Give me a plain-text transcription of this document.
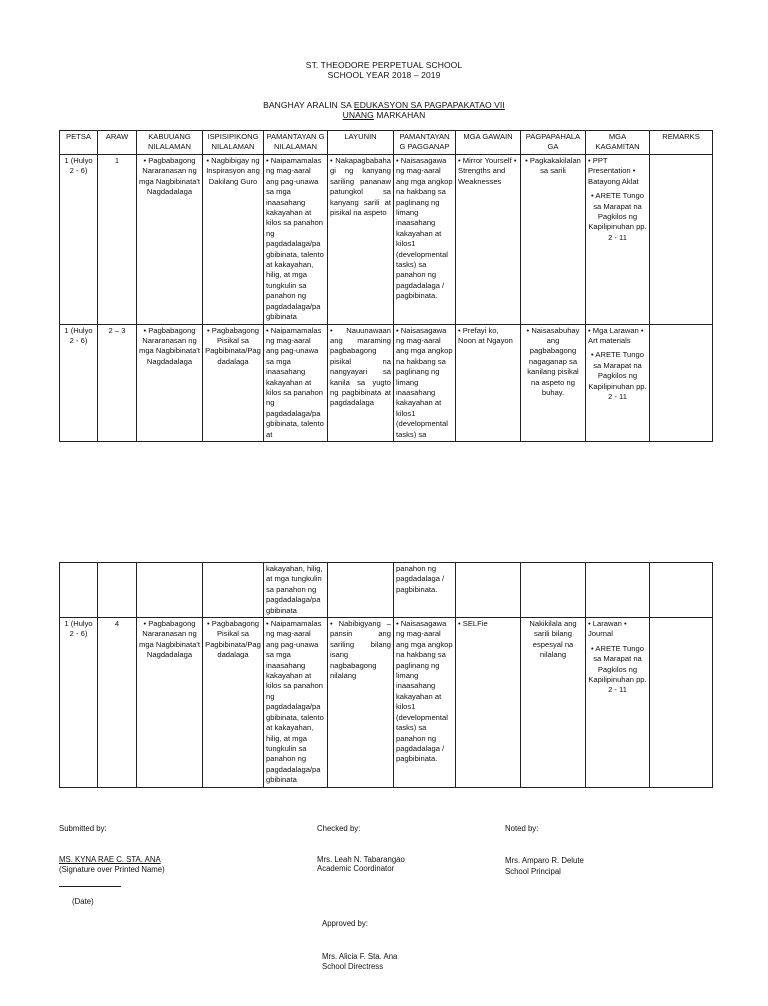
ST. THEODORE PERPETUAL SCHOOL
SCHOOL YEAR 2018 – 2019
BANGHAY ARALIN SA EDUKASYON SA PAGPAPAKATAO VII
UNANG MARKAHAN
PETSA	ARAW	KABUUANG NILALAMAN	ISPISIPIKONG NILALAMAN	PAMANTAYAN G NILALAMAN	LAYUNIN	PAMANTAYAN G PAGGANAP	MGA GAWAIN	PAGPAPAHALA GA	MGA KAGAMITAN	REMARKS
1 (Hulyo 2 - 6)	1	• Pagbabagong Nararanasan ng mga Nagbibinata't Nagdadalaga	• Nagbibigay ng Inspirasyon ang Dakilang Guro	• Naipamamalas ng mag-aaral ang pag-unawa sa mga inaasahang kakayahan at kilos sa panahon ng pagdadalaga/pa gbibinata, talento at kakayahan, hilig, at mga tungkulin sa panahon ng pagdadalaga/pa gbibinata	• Nakapagbabaha gi ng kanyang sariling pananaw patungkol sa kanyang sarili at pisikal na aspeto	• Naisasagawa ng mag-aaral ang mga angkop na hakbang sa paglinang ng limang inaasahang kakayahan at kilos1 (developmental tasks) sa panahon ng pagdadalaga / pagbibinata.	• Mirror Yourself • Strengths and Weaknesses	• Pagkakakilalan sa sarili	• PPT Presentation • Batayong Aklat
• ARETE Tungo sa Marapat na Pagkilos ng Kapilipinuhan pp. 2 - 11	

1 (Hulyo 2 - 6)	2 – 3	• Pagbabagong Nararanasan ng mga Nagbibinata't Nagdadalaga	• Pagbabagong Pisikal sa Pagbibinata/Pag dadalaga	• Naipamamalas ng mag-aaral ang pag-unawa sa mga inaasahang kakayahan at kilos sa panahon ng pagdadalaga/pa gbibinata, talento at	• Nauunawaan ang maraming pagbabagong pisikal na nangyayari sa kanila sa yugto ng pagbibinata at pagdadalaga	• Naisasagawa ng mag-aaral ang mga angkop na hakbang sa paglinang ng limang inaasahang kakayahan at kilos1 (developmental tasks) sa	• Prefayi ko, Noon at Ngayon	• Naisasabuhay ang pagbabagong nagaganap sa kanilang pisikal na aspeto ng buhay.	• Mga Larawan • Art materials
• ARETE Tungo sa Marapat na Pagkilos ng Kapilipinuhan pp. 2 - 11	

				kakayahan, hilig, at mga tungkulin sa panahon ng pagdadalaga/pa gbibinata		panahon ng pagdadalaga / pagbibinata.				
1 (Hulyo 2 - 6)	4	• Pagbabagong Nararanasan ng mga Nagbibinata't Nagdadalaga	• Pagbabagong Pisikal sa Pagbibinata/Pag dadalaga	• Naipamamalas ng mag-aaral ang pag-unawa sa mga inaasahang kakayahan at kilos sa panahon ng pagdadalaga/pa gbibinata, talento at kakayahan, hilig, at mga tungkulin sa panahon ng pagdadalaga/pa gbibinata	• Nabibigyang – pansin ang sariling bilang isang nagbabagong nilalang	• Naisasagawa ng mag-aaral ang mga angkop na hakbang sa paglinang ng limang inaasahang kakayahan at kilos1 (developmental tasks) sa panahon ng pagdadalaga / pagbibinata.	• SELFie	Nakikilala ang sarili bilang espesyal na nilalang	• Larawan • Journal
• ARETE Tungo sa Marapat na Pagkilos ng Kapilipinuhan pp. 2 - 11	

Submitted by:	Checked by:	Noted by:
MS. KYNA RAE C. STA. ANA
(Signature over Printed Name)
Mrs. Leah N. Tabarangao
Academic Coordinator
Mrs. Amparo R. Delute
School Principal
(Date)
Approved by:
Mrs. Alicia F. Sta. Ana
School Directress
